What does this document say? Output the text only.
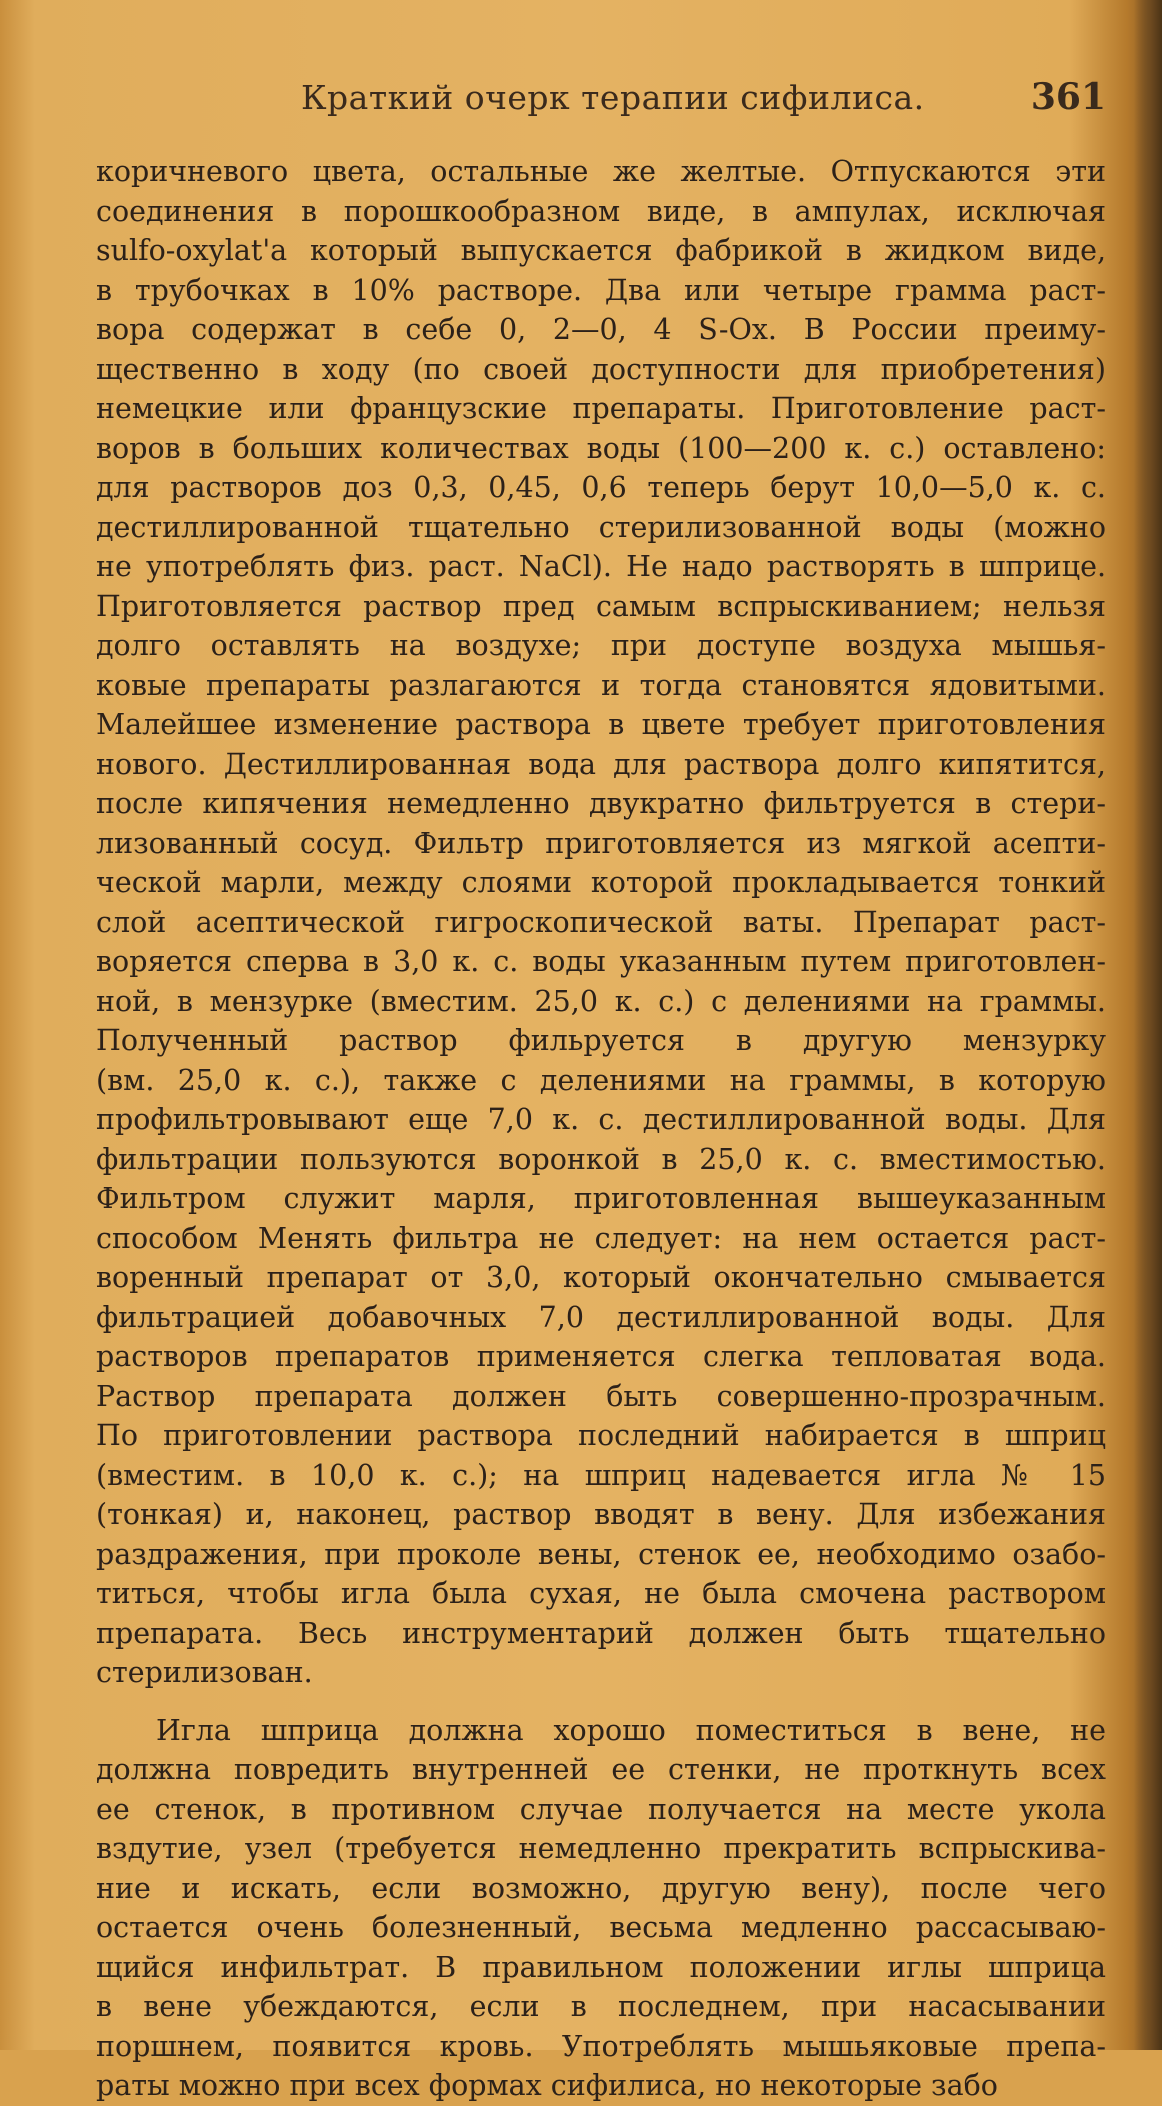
Краткий очерк терапии сифилиса.	361
коричневого цвета, остальные же желтые. Отпускаются эти
соединения в порошкообразном виде, в ампулах, исключая
sulfo-oxylat'a который выпускается фабрикой в жидком виде,
в трубочках в 10% растворе. Два или четыре грамма раст-
вора содержат в себе 0, 2—0, 4 S-Ox. В России преиму-
щественно в ходу (по своей доступности для приобретения)
немецкие или французские препараты. Приготовление раст-
воров в больших количествах воды (100—200 к. с.) оставлено:
для растворов доз 0,3, 0,45, 0,6 теперь берут 10,0—5,0 к. с.
дестиллированной тщательно стерилизованной воды (можно
не употреблять физ. раст. NaCl). Не надо растворять в шприце.
Приготовляется раствор пред самым вспрыскиванием; нельзя
долго оставлять на воздухе; при доступе воздуха мышья-
ковые препараты разлагаются и тогда становятся ядовитыми.
Малейшее изменение раствора в цвете требует приготовления
нового. Дестиллированная вода для раствора долго кипятится,
после кипячения немедленно двукратно фильтруется в стери-
лизованный сосуд. Фильтр приготовляется из мягкой асепти-
ческой марли, между слоями которой прокладывается тонкий
слой асептической гигроскопической ваты. Препарат раст-
воряется сперва в 3,0 к. с. воды указанным путем приготовлен-
ной, в мензурке (вместим. 25,0 к. с.) с делениями на граммы.
Полученный раствор фильруется в другую мензурку
(вм. 25,0 к. с.), также с делениями на граммы, в которую
профильтровывают еще 7,0 к. с. дестиллированной воды. Для
фильтрации пользуются воронкой в 25,0 к. с. вместимостью.
Фильтром служит марля, приготовленная вышеуказанным
способом Менять фильтра не следует: на нем остается раст-
воренный препарат от 3,0, который окончательно смывается
фильтрацией добавочных 7,0 дестиллированной воды. Для
растворов препаратов применяется слегка тепловатая вода.
Раствор препарата должен быть совершенно-прозрачным.
По приготовлении раствора последний набирается в шприц
(вместим. в 10,0 к. с.); на шприц надевается игла № 15
(тонкая) и, наконец, раствор вводят в вену. Для избежания
раздражения, при проколе вены, стенок ее, необходимо озабо-
титься, чтобы игла была сухая, не была смочена раствором
препарата. Весь инструментарий должен быть тщательно
стерилизован.
Игла шприца должна хорошо поместиться в вене, не
должна повредить внутренней ее стенки, не проткнуть всех
ее стенок, в противном случае получается на месте укола
вздутие, узел (требуется немедленно прекратить вспрыскива-
ние и искать, если возможно, другую вену), после чего
остается очень болезненный, весьма медленно рассасываю-
щийся инфильтрат. В правильном положении иглы шприца
в вене убеждаются, если в последнем, при насасывании
поршнем, появится кровь. Употреблять мышьяковые препа-
раты можно при всех формах сифилиса, но некоторые забо
